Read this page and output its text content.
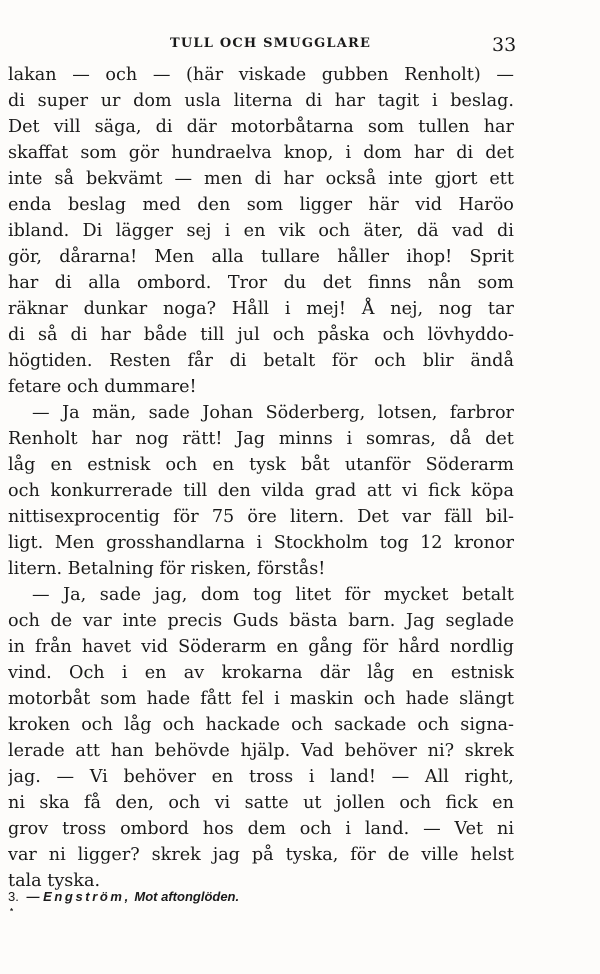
TULL OCH SMUGGLARE	33
lakan — och — (här viskade gubben Renholt) —
di super ur dom usla literna di har tagit i beslag.
Det vill säga, di där motorbåtarna som tullen har
skaffat som gör hundraelva knop, i dom har di det
inte så bekvämt — men di har också inte gjort ett
enda beslag med den som ligger här vid Haröo
ibland. Di lägger sej i en vik och äter, dä vad di
gör, dårarna! Men alla tullare håller ihop! Sprit
har di alla ombord. Tror du det finns nån som
räknar dunkar noga? Håll i mej! Å nej, nog tar
di så di har både till jul och påska och lövhyddo-
högtiden. Resten får di betalt för och blir ändå
fetare och dummare!
— Ja män, sade Johan Söderberg, lotsen, farbror
Renholt har nog rätt! Jag minns i somras, då det
låg en estnisk och en tysk båt utanför Söderarm
och konkurrerade till den vilda grad att vi fick köpa
nittisexprocentig för 75 öre litern. Det var fäll bil-
ligt. Men grosshandlarna i Stockholm tog 12 kronor
litern. Betalning för risken, förstås!
— Ja, sade jag, dom tog litet för mycket betalt
och de var inte precis Guds bästa barn. Jag seglade
in från havet vid Söderarm en gång för hård nordlig
vind. Och i en av krokarna där låg en estnisk
motorbåt som hade fått fel i maskin och hade slängt
kroken och låg och hackade och sackade och signa-
lerade att han behövde hjälp. Vad behöver ni? skrek
jag. — Vi behöver en tross i land! — All right,
ni ska få den, och vi satte ut jollen och fick en
grov tross ombord hos dem och i land. — Vet ni
var ni ligger? skrek jag på tyska, för de ville helst
tala tyska.
3. — Engström, Mot aftonglöden.
*
